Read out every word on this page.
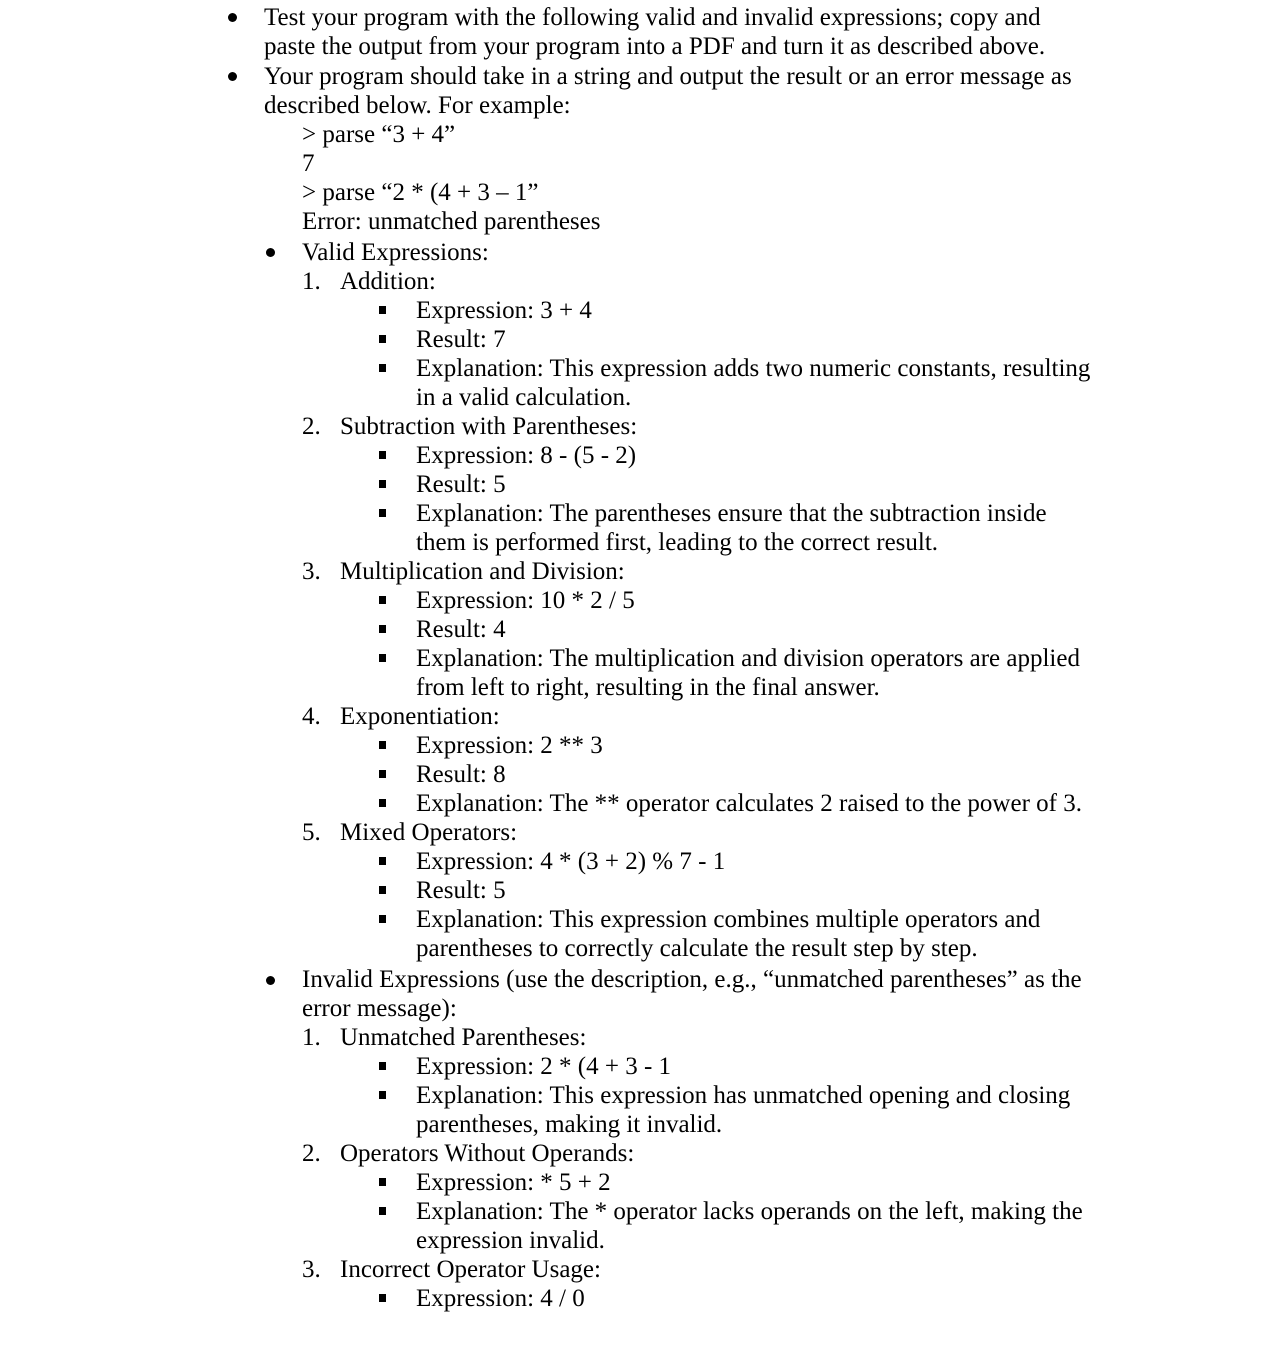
Test your program with the following valid and invalid expressions; copy and
paste the output from your program into a PDF and turn it as described above.
Your program should take in a string and output the result or an error message as
described below. For example:
> parse “3 + 4”
7
> parse “2 * (4 + 3 – 1”
Error: unmatched parentheses
Valid Expressions:
1. Addition:
Expression: 3 + 4
Result: 7
Explanation: This expression adds two numeric constants, resulting
in a valid calculation.
2. Subtraction with Parentheses:
Expression: 8 - (5 - 2)
Result: 5
Explanation: The parentheses ensure that the subtraction inside
them is performed first, leading to the correct result.
3. Multiplication and Division:
Expression: 10 * 2 / 5
Result: 4
Explanation: The multiplication and division operators are applied
from left to right, resulting in the final answer.
4. Exponentiation:
Expression: 2 ** 3
Result: 8
Explanation: The ** operator calculates 2 raised to the power of 3.
5. Mixed Operators:
Expression: 4 * (3 + 2) % 7 - 1
Result: 5
Explanation: This expression combines multiple operators and
parentheses to correctly calculate the result step by step.
Invalid Expressions (use the description, e.g., “unmatched parentheses” as the
error message):
1. Unmatched Parentheses:
Expression: 2 * (4 + 3 - 1
Explanation: This expression has unmatched opening and closing
parentheses, making it invalid.
2. Operators Without Operands:
Expression: * 5 + 2
Explanation: The * operator lacks operands on the left, making the
expression invalid.
3. Incorrect Operator Usage:
Expression: 4 / 0
